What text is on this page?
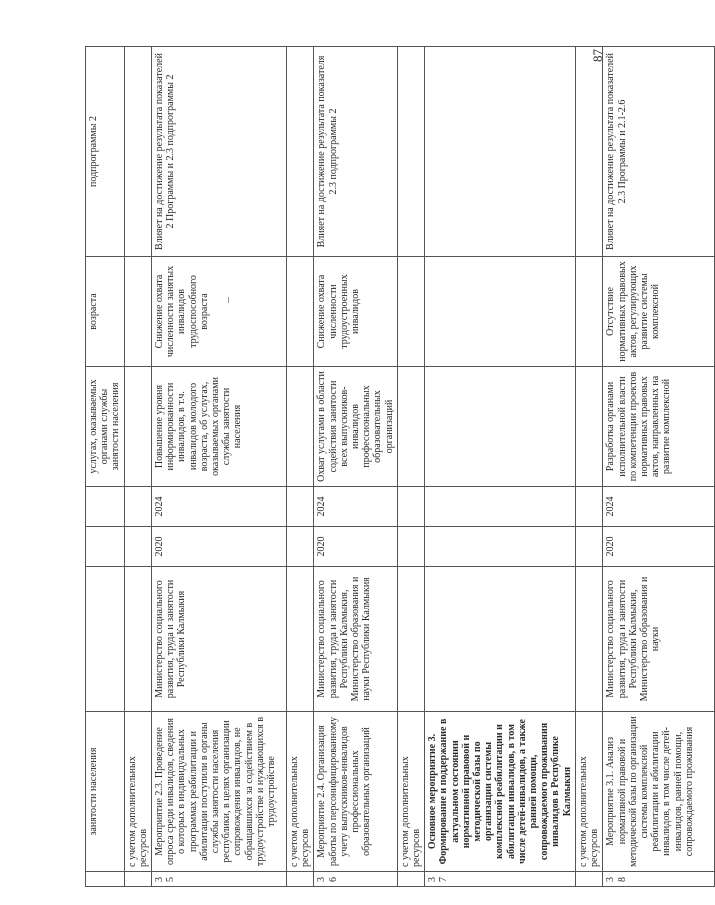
	занятости населения				услугах, оказываемых органами службы занятости населения	возраста	подпрограммы 2
	с учетом дополнительных ресурсов						
35	Мероприятие 2.3. Проведение опроса среди инвалидов, сведения о которых в индивидуальных программах реабилитации и абилитации поступили в органы службы занятости населения республики, в целях организации сопровождения инвалидов, не обращавшихся за содействием в трудоустройстве и нуждающихся в трудоустройстве	Министерство социального развития, труда и занятости Республики Калмыкия	2020	2024	Повышение уровня информированности инвалидов, в т.ч. инвалидов молодого возраста, об услугах, оказываемых органами службы занятости населения	Снижение охвата численности занятых инвалидов трудоспособного возраста	Влияет на достижение результата показателей 2 Программы и 2.3 подпрограммы 2
	с учетом дополнительных ресурсов						
36	Мероприятие 2.4. Организация работы по персонифицированному учету выпускников-инвалидов профессиональных образовательных организаций	Министерство социального развития, труда и занятости Республики Калмыкия, Министерство образования и науки Республики Калмыкия	2020	2024	Охват услугами в области содействия занятости всех выпускников-инвалидов профессиональных образовательных организаций	Снижение охвата численности трудоустроенных инвалидов	Влияет на достижение результата показателя 2.3 подпрограммы 2
	с учетом дополнительных ресурсов						
37	Основное мероприятие 3. Формирование и поддержание в актуальном состоянии нормативной правовой и методической базы по организации системы комплексной реабилитации и абилитации инвалидов, в том числе детей-инвалидов, а также ранней помощи, сопровождаемого проживания инвалидов в Республике Калмыкия						
	с учетом дополнительных ресурсов						
38	Мероприятие 3.1. Анализ нормативной правовой и методической базы по организации системы комплексной реабилитации и абилитации инвалидов, в том числе детей-инвалидов, ранней помощи, сопровождаемого проживания	Министерство социального развития, труда и занятости Республики Калмыкия, Министерство образования и науки	2020	2024	Разработка органами исполнительной власти по компетенции проектов нормативных правовых актов, направленных на развитие комплексной	Отсутствие нормативных правовых актов, регулирующих развитие системы комплексной	Влияет на достижение результата показателей 2.3 Программы и 2.1-2.6
87
